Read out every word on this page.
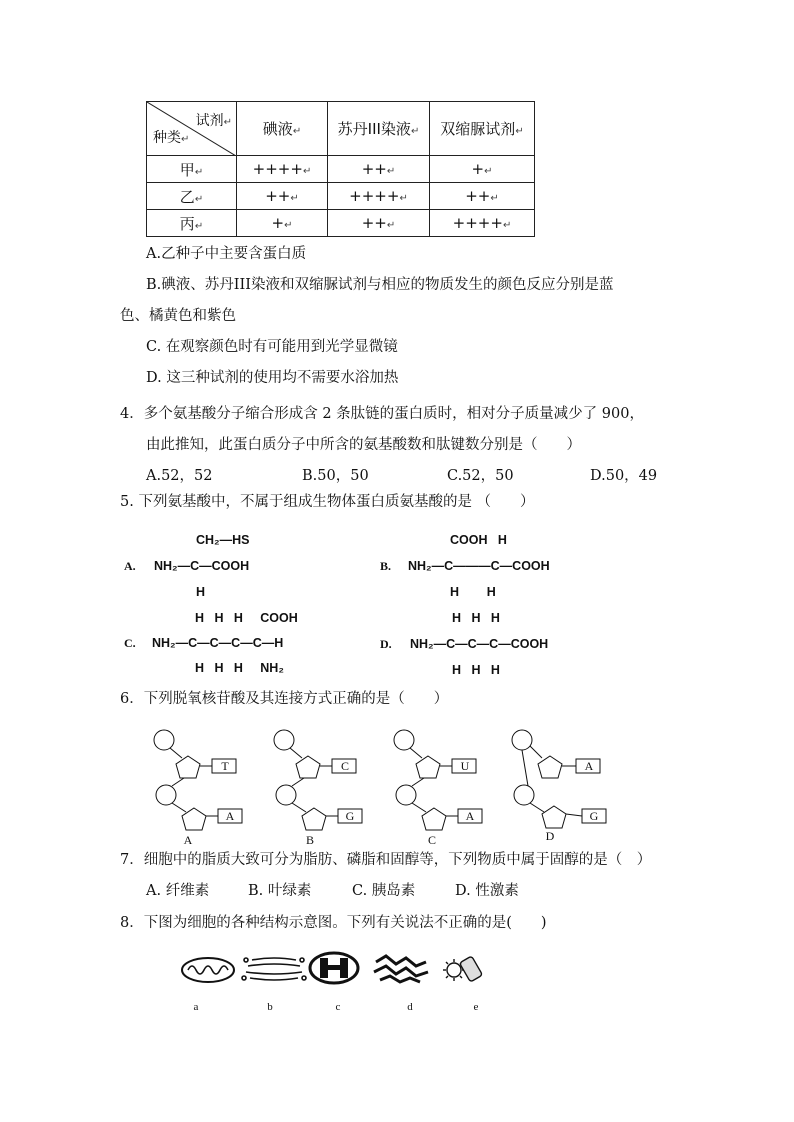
试剂↵
种类↵	碘液↵	苏丹III染液↵	双缩脲试剂↵
甲↵	++++↵	++↵	+↵
乙↵	++↵	++++↵	++↵
丙↵	+↵	++↵	++++↵
A.乙种子中主要含蛋白质
B.碘液、苏丹III染液和双缩脲试剂与相应的物质发生的颜色反应分别是蓝
色、橘黄色和紫色
C. 在观察颜色时有可能用到光学显微镜
D. 这三种试剂的使用均不需要水浴加热
4．多个氨基酸分子缩合形成含 2 条肽链的蛋白质时，相对分子质量减少了 900，
由此推知，此蛋白质分子中所含的氨基酸数和肽键数分别是（　　）
A.52，52	B.50，50	C.52，50	D.50，49
5. 下列氨基酸中，不属于组成生物体蛋白质氨基酸的是 （　　）
A.
CH₂—HS
NH₂—C—COOH
H
B.
COOH   H
NH₂—C———C—COOH
H        H
C.
H   H   H     COOH
NH₂—C—C—C—C—H
H   H   H     NH₂
D.
H   H   H
NH₂—C—C—C—COOH
H   H   H
6．下列脱氧核苷酸及其连接方式正确的是（　　）
T
A
A
C
G
B
U
A
C
A
G
D
7．细胞中的脂质大致可分为脂肪、磷脂和固醇等，下列物质中属于固醇的是（　）
A. 纤维素	B. 叶绿素	C. 胰岛素	D. 性激素
8．下图为细胞的各种结构示意图。下列有关说法不正确的是(　　)
a	b	c	d	e
